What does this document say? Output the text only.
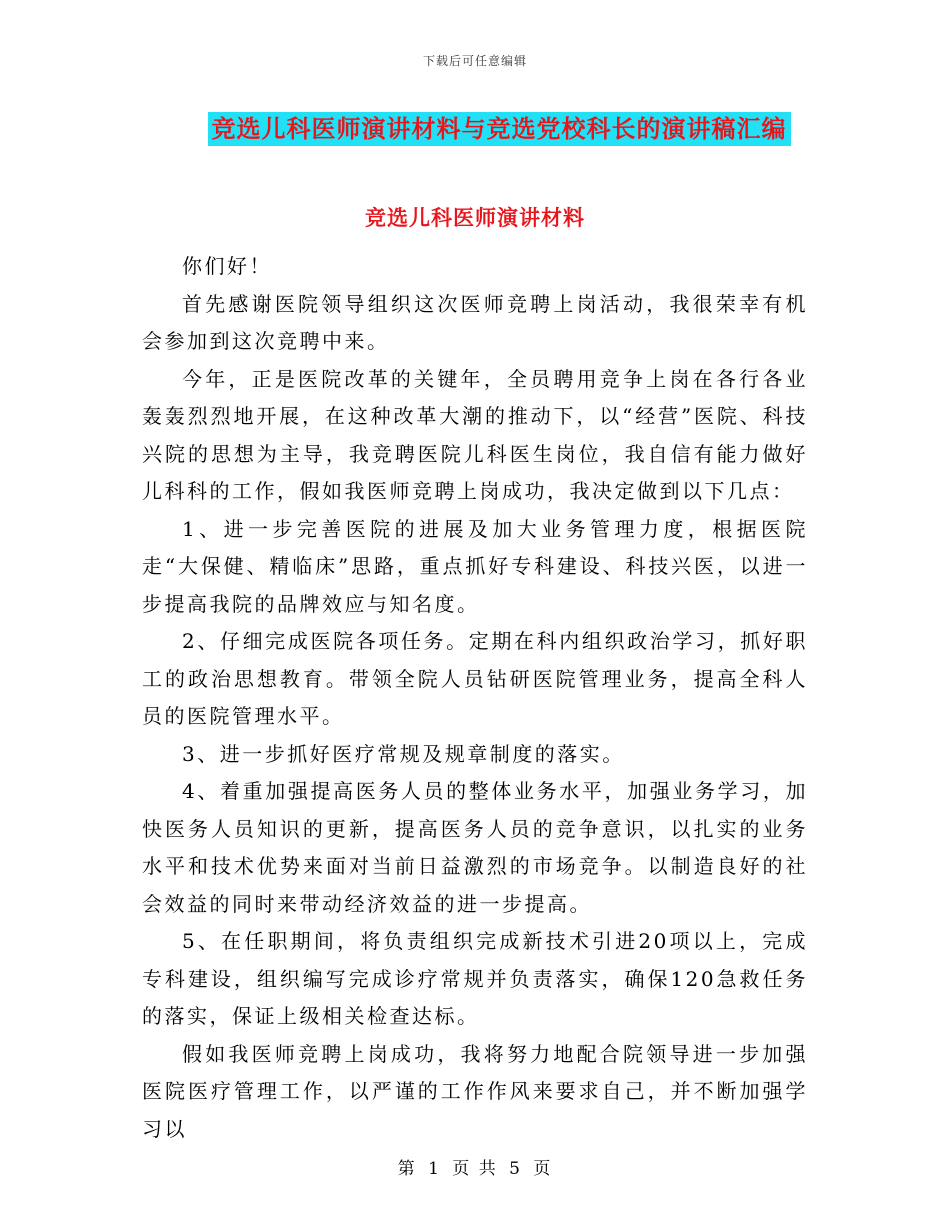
下载后可任意编辑
竞选儿科医师演讲材料与竞选党校科长的演讲稿汇编
竞选儿科医师演讲材料

你们好！

首先感谢医院领导组织这次医师竞聘上岗活动，我很荣幸有机会参加到这次竞聘中来。

今年，正是医院改革的关键年，全员聘用竞争上岗在各行各业轰轰烈烈地开展，在这种改革大潮的推动下，以“经营”医院、科技兴院的思想为主导，我竞聘医院儿科医生岗位，我自信有能力做好儿科科的工作，假如我医师竞聘上岗成功，我决定做到以下几点：

1、进一步完善医院的进展及加大业务管理力度，根据医院走“大保健、精临床”思路，重点抓好专科建设、科技兴医，以进一步提高我院的品牌效应与知名度。

2、仔细完成医院各项任务。定期在科内组织政治学习，抓好职工的政治思想教育。带领全院人员钻研医院管理业务，提高全科人员的医院管理水平。

3、进一步抓好医疗常规及规章制度的落实。

4、着重加强提高医务人员的整体业务水平，加强业务学习，加快医务人员知识的更新，提高医务人员的竞争意识，以扎实的业务水平和技术优势来面对当前日益激烈的市场竞争。以制造良好的社会效益的同时来带动经济效益的进一步提高。

5、在任职期间，将负责组织完成新技术引进20项以上，完成专科建设，组织编写完成诊疗常规并负责落实，确保120急救任务的落实，保证上级相关检查达标。

假如我医师竞聘上岗成功，我将努力地配合院领导进一步加强医院医疗管理工作，以严谨的工作作风来要求自己，并不断加强学习以

第 1 页 共 5 页
